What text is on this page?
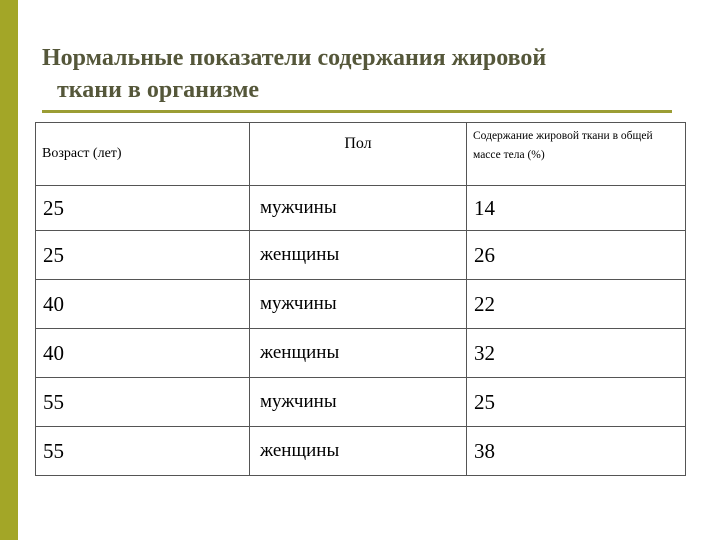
Нормальные показатели содержания жировой
ткани в организме
Возраст (лет)	Пол	Содержание жировой ткани в общей массе тела (%)
25	мужчины	14
25	женщины	26
40	мужчины	22
40	женщины	32
55	мужчины	25
55	женщины	38
